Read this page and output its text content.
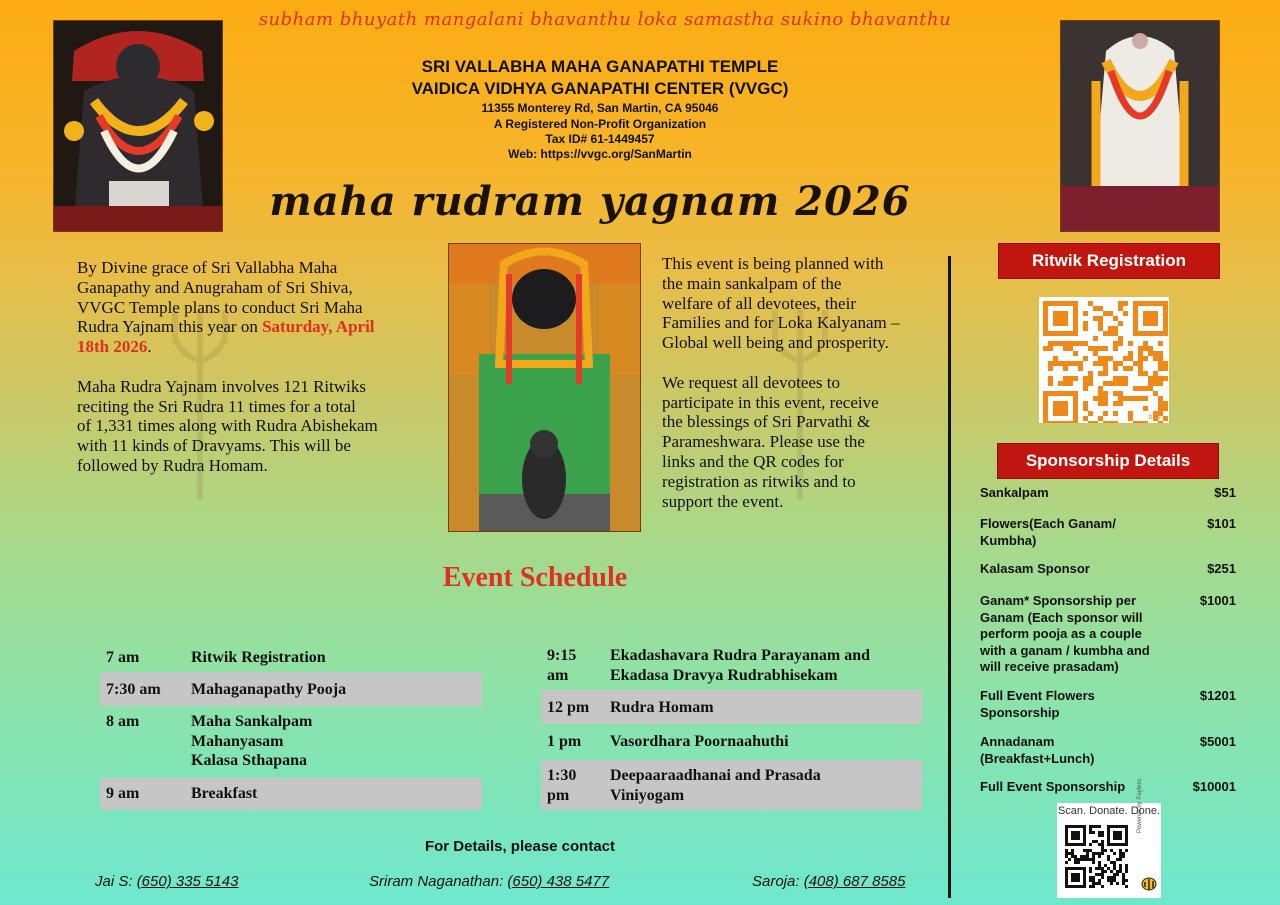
subham bhuyath mangalani bhavanthu loka samastha sukino bhavanthu
SRI VALLABHA MAHA GANAPATHI TEMPLE
VAIDICA VIDHYA GANAPATHI CENTER (VVGC)
11355 Monterey Rd, San Martin, CA 95046
A Registered Non-Profit Organization
Tax ID# 61-1449457
Web: https://vvgc.org/SanMartin
maha rudram yagnam 2026
By Divine grace of Sri Vallabha Maha
Ganapathy and Anugraham of Sri Shiva,
VVGC Temple plans to conduct Sri Maha
Rudra Yajnam this year on Saturday, April
18th 2026.
Maha Rudra Yajnam involves 121 Ritwiks
reciting the Sri Rudra 11 times for a total
of 1,331 times along with Rudra Abishekam
with 11 kinds of Dravyams. This will be
followed by Rudra Homam.
This event is being planned with
the main sankalpam of the
welfare of all devotees, their
Families and for Loka Kalyanam –
Global well being and prosperity.
We request all devotees to
participate in this event, receive
the blessings of Sri Parvathi &
Parameshwara. Please use the
links and the QR codes for
registration as ritwiks and to
support the event.
Ritwik Registration
bitly
Sponsorship Details
Sankalpam	$51
Flowers(Each Ganam/
Kumbha)
$101
Kalasam Sponsor	$251
Ganam* Sponsorship per
Ganam (Each sponsor will
perform pooja as a couple
with a ganam / kumbha and
will receive prasadam)
$1001
Full Event Flowers
Sponsorship
$1201
Annadanam
(Breakfast+Lunch)
$5001
Full Event Sponsorship	$10001
Scan. Donate. Done.
Powered by Payless
Event Schedule
7 am	Ritwik Registration
7:30 am Mahaganapathy Pooja
8 am	Maha Sankalpam
Mahanyasam
Kalasa Sthapana
9 am	Breakfast
9:15
am
Ekadashavara Rudra Parayanam and
Ekadasa Dravya Rudrabhisekam
12 pm Rudra Homam
1 pm Vasordhara Poornaahuthi
1:30
pm
Deepaaraadhanai and Prasada
Viniyogam
For Details, please contact
Jai S: (650) 335 5143	Sriram Naganathan: (650) 438 5477	Saroja: (408) 687 8585
